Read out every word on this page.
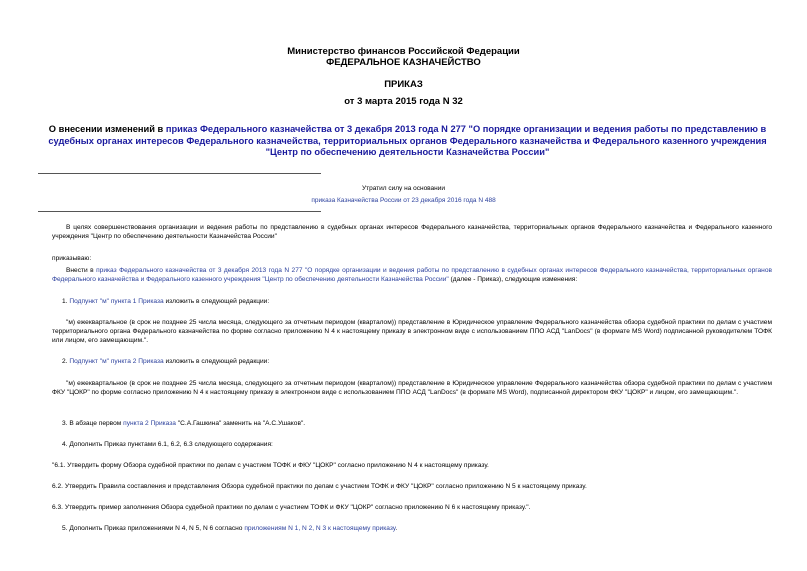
Министерство финансов Российской Федерации
ФЕДЕРАЛЬНОЕ КАЗНАЧЕЙСТВО
ПРИКАЗ
от 3 марта 2015 года N 32
О внесении изменений в приказ Федерального казначейства от 3 декабря 2013 года N 277 "О порядке организации и ведения работы по представлению в судебных органах интересов Федерального казначейства, территориальных органов Федерального казначейства и Федерального казенного учреждения "Центр по обеспечению деятельности Казначейства России"
Утратил силу на основании
приказа Казначейства России от 23 декабря 2016 года N 488
В целях совершенствования организации и ведения работы по представлению в судебных органах интересов Федерального казначейства, территориальных органов Федерального казначейства и Федерального казенного учреждения "Центр по обеспечению деятельности Казначейства России"
приказываю:
Внести в приказ Федерального казначейства от 3 декабря 2013 года N 277 "О порядке организации и ведения работы по представлению в судебных органах интересов Федерального казначейства, территориальных органов Федерального казначейства и Федерального казенного учреждения "Центр по обеспечению деятельности Казначейства России" (далее - Приказ), следующие изменения:
1. Подпункт "м" пункта 1 Приказа изложить в следующей редакции:
"м) ежеквартальное (в срок не позднее 25 числа месяца, следующего за отчетным периодом (кварталом)) представление в Юридическое управление Федерального казначейства обзора судебной практики по делам с участием территориального органа Федерального казначейства по форме согласно приложению N 4 к настоящему приказу в электронном виде с использованием ППО АСД "LanDocs" (в формате MS Word) подписанной руководителем ТОФК или лицом, его замещающим.".
2. Подпункт "м" пункта 2 Приказа изложить в следующей редакции:
"м) ежеквартальное (в срок не позднее 25 числа месяца, следующего за отчетным периодом (кварталом)) представление в Юридическое управление Федерального казначейства обзора судебной практики по делам с участием ФКУ "ЦОКР" по форме согласно приложению N 4 к настоящему приказу в электронном виде с использованием ППО АСД "LanDocs" (в формате MS Word), подписанной директором ФКУ "ЦОКР" и лицом, его замещающим.".
3. В абзаце первом пункта 2 Приказа "С.А.Гашкина" заменить на "А.С.Ушаков".
4. Дополнить Приказ пунктами 6.1, 6.2, 6.3 следующего содержания:
"6.1. Утвердить форму Обзора судебной практики по делам с участием ТОФК и ФКУ "ЦОКР" согласно приложению N 4 к настоящему приказу.
6.2. Утвердить Правила составления и представления Обзора судебной практики по делам с участием ТОФК и ФКУ "ЦОКР" согласно приложению N 5 к настоящему приказу.
6.3. Утвердить пример заполнения Обзора судебной практики по делам с участием ТОФК и ФКУ "ЦОКР" согласно приложению N 6 к настоящему приказу.".
5. Дополнить Приказ приложениями N 4, N 5, N 6 согласно приложениям N 1, N 2, N 3 к настоящему приказу.
